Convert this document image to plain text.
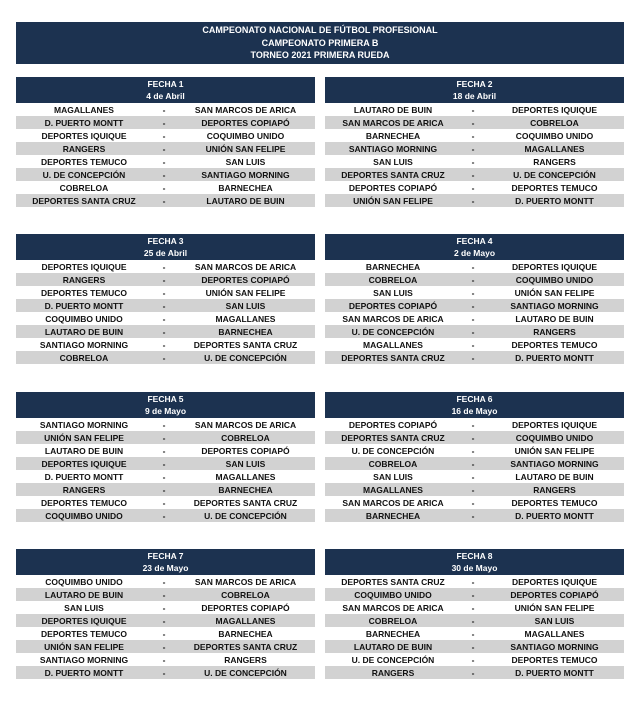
CAMPEONATO NACIONAL DE FÚTBOL PROFESIONAL
CAMPEONATO PRIMERA B
TORNEO 2021 PRIMERA RUEDA
FECHA 1
4 de Abril
MAGALLANES	-	SAN MARCOS DE ARICA
D. PUERTO MONTT	-	DEPORTES COPIAPÓ
DEPORTES IQUIQUE	-	COQUIMBO UNIDO
RANGERS	-	UNIÓN SAN FELIPE
DEPORTES TEMUCO	-	SAN LUIS
U. DE CONCEPCIÓN	-	SANTIAGO MORNING
COBRELOA	-	BARNECHEA
DEPORTES SANTA CRUZ	-	LAUTARO DE BUIN
FECHA 2
18 de Abril
LAUTARO DE BUIN	-	DEPORTES IQUIQUE
SAN MARCOS DE ARICA	-	COBRELOA
BARNECHEA	-	COQUIMBO UNIDO
SANTIAGO MORNING	-	MAGALLANES
SAN LUIS	-	RANGERS
DEPORTES SANTA CRUZ	-	U. DE CONCEPCIÓN
DEPORTES COPIAPÓ	-	DEPORTES TEMUCO
UNIÓN SAN FELIPE	-	D. PUERTO MONTT
FECHA 3
25 de Abril
DEPORTES IQUIQUE	-	SAN MARCOS DE ARICA
RANGERS	-	DEPORTES COPIAPÓ
DEPORTES TEMUCO	-	UNIÓN SAN FELIPE
D. PUERTO MONTT	-	SAN LUIS
COQUIMBO UNIDO	-	MAGALLANES
LAUTARO DE BUIN	-	BARNECHEA
SANTIAGO MORNING	-	DEPORTES SANTA CRUZ
COBRELOA	-	U. DE CONCEPCIÓN
FECHA 4
2 de Mayo
BARNECHEA	-	DEPORTES IQUIQUE
COBRELOA	-	COQUIMBO UNIDO
SAN LUIS	-	UNIÓN SAN FELIPE
DEPORTES COPIAPÓ	-	SANTIAGO MORNING
SAN MARCOS DE ARICA	-	LAUTARO DE BUIN
U. DE CONCEPCIÓN	-	RANGERS
MAGALLANES	-	DEPORTES TEMUCO
DEPORTES SANTA CRUZ	-	D. PUERTO MONTT
FECHA 5
9 de Mayo
SANTIAGO MORNING	-	SAN MARCOS DE ARICA
UNIÓN SAN FELIPE	-	COBRELOA
LAUTARO DE BUIN	-	DEPORTES COPIAPÓ
DEPORTES IQUIQUE	-	SAN LUIS
D. PUERTO MONTT	-	MAGALLANES
RANGERS	-	BARNECHEA
DEPORTES TEMUCO	-	DEPORTES SANTA CRUZ
COQUIMBO UNIDO	-	U. DE CONCEPCIÓN
FECHA 6
16 de Mayo
DEPORTES COPIAPÓ	-	DEPORTES IQUIQUE
DEPORTES SANTA CRUZ	-	COQUIMBO UNIDO
U. DE CONCEPCIÓN	-	UNIÓN SAN FELIPE
COBRELOA	-	SANTIAGO MORNING
SAN LUIS	-	LAUTARO DE BUIN
MAGALLANES	-	RANGERS
SAN MARCOS DE ARICA	-	DEPORTES TEMUCO
BARNECHEA	-	D. PUERTO MONTT
FECHA 7
23 de Mayo
COQUIMBO UNIDO	-	SAN MARCOS DE ARICA
LAUTARO DE BUIN	-	COBRELOA
SAN LUIS	-	DEPORTES COPIAPÓ
DEPORTES IQUIQUE	-	MAGALLANES
DEPORTES TEMUCO	-	BARNECHEA
UNIÓN SAN FELIPE	-	DEPORTES SANTA CRUZ
SANTIAGO MORNING	-	RANGERS
D. PUERTO MONTT	-	U. DE CONCEPCIÓN
FECHA 8
30 de Mayo
DEPORTES SANTA CRUZ	-	DEPORTES IQUIQUE
COQUIMBO UNIDO	-	DEPORTES COPIAPÓ
SAN MARCOS DE ARICA	-	UNIÓN SAN FELIPE
COBRELOA	-	SAN LUIS
BARNECHEA	-	MAGALLANES
LAUTARO DE BUIN	-	SANTIAGO MORNING
U. DE CONCEPCIÓN	-	DEPORTES TEMUCO
RANGERS	-	D. PUERTO MONTT
